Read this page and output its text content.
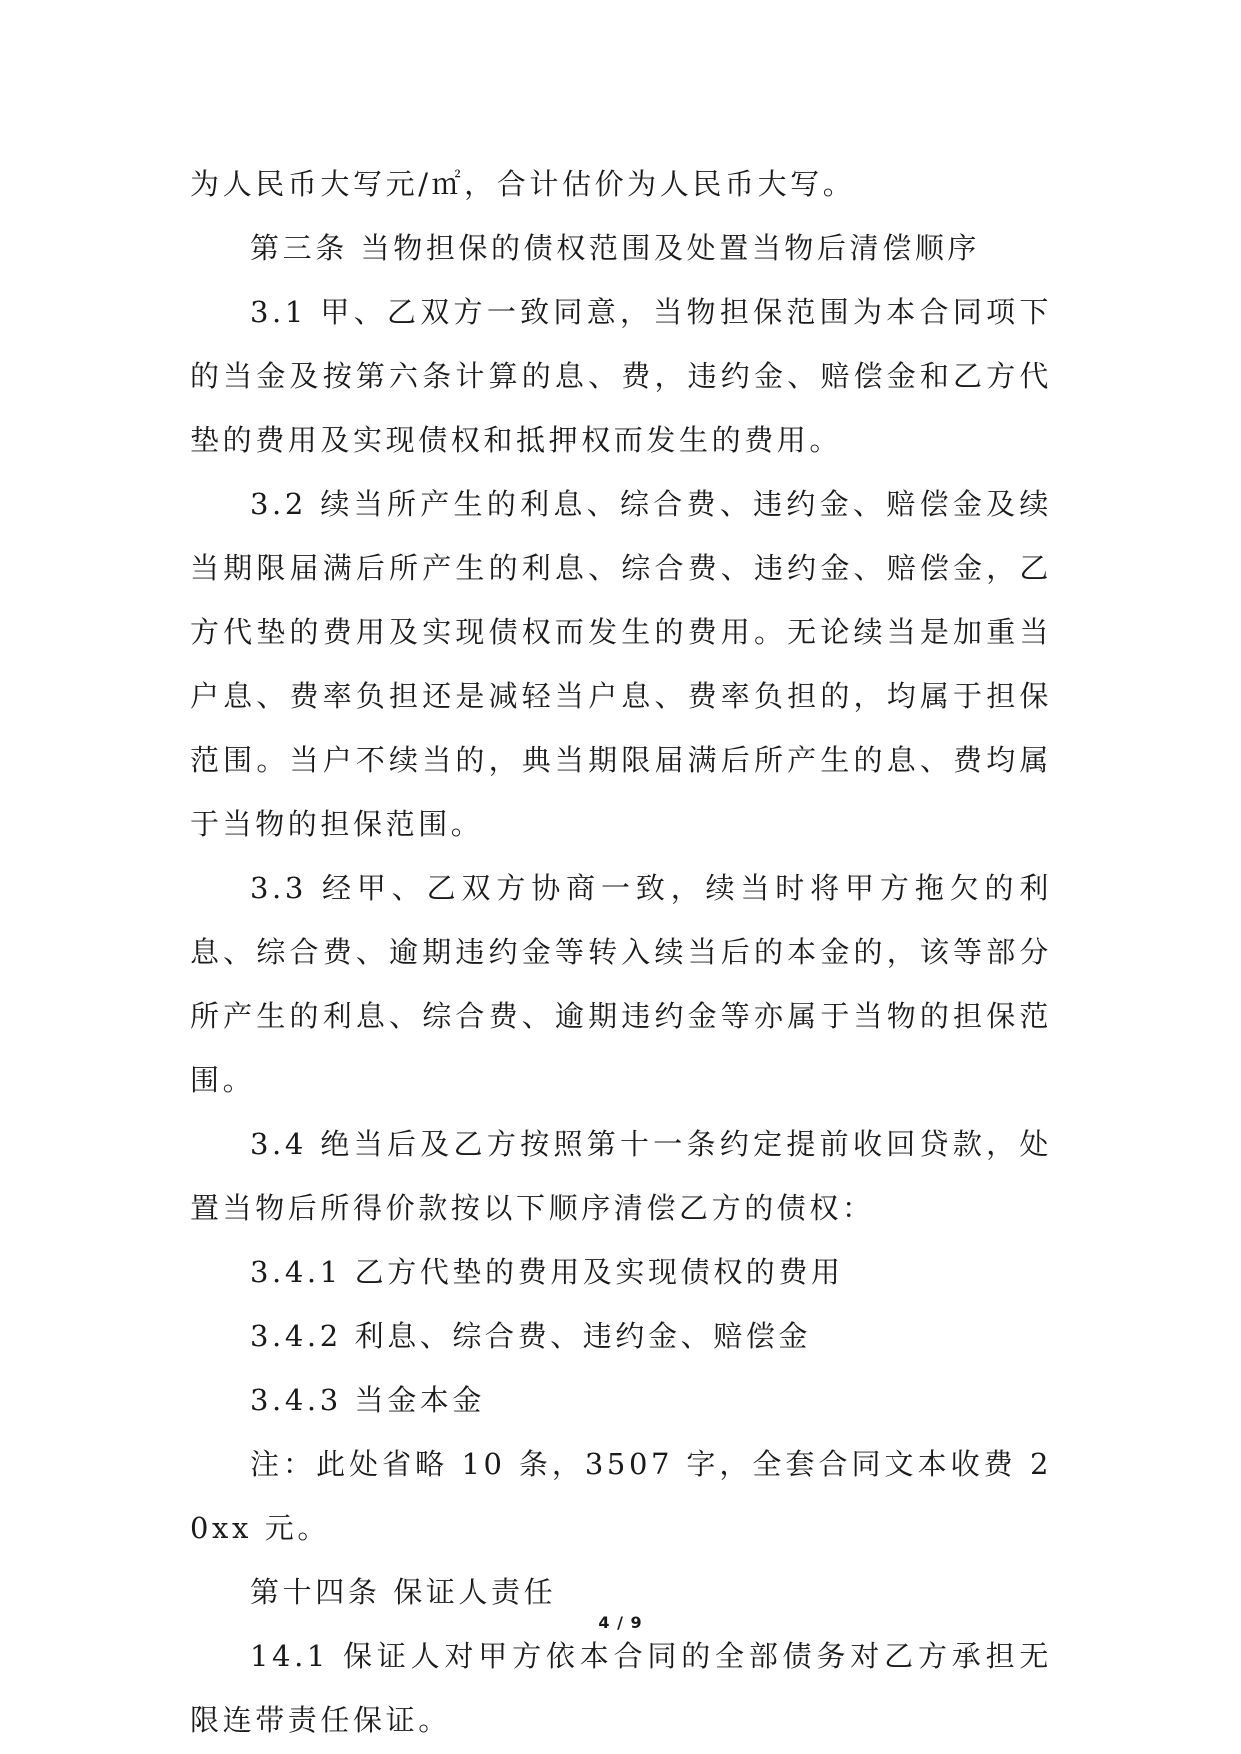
为人民币大写元/㎡，合计估价为人民币大写。

第三条 当物担保的债权范围及处置当物后清偿顺序

3.1 甲、乙双方一致同意，当物担保范围为本合同项下的当金及按第六条计算的息、费，违约金、赔偿金和乙方代垫的费用及实现债权和抵押权而发生的费用。

3.2 续当所产生的利息、综合费、违约金、赔偿金及续当期限届满后所产生的利息、综合费、违约金、赔偿金，乙方代垫的费用及实现债权而发生的费用。无论续当是加重当户息、费率负担还是减轻当户息、费率负担的，均属于担保范围。当户不续当的，典当期限届满后所产生的息、费均属于当物的担保范围。

3.3 经甲、乙双方协商一致，续当时将甲方拖欠的利息、综合费、逾期违约金等转入续当后的本金的，该等部分所产生的利息、综合费、逾期违约金等亦属于当物的担保范围。

3.4 绝当后及乙方按照第十一条约定提前收回贷款，处置当物后所得价款按以下顺序清偿乙方的债权：

3.4.1 乙方代垫的费用及实现债权的费用

3.4.2 利息、综合费、违约金、赔偿金

3.4.3 当金本金

注：此处省略 10 条，3507 字，全套合同文本收费 20xx 元。

第十四条 保证人责任

14.1 保证人对甲方依本合同的全部债务对乙方承担无限连带责任保证。

4 / 9
